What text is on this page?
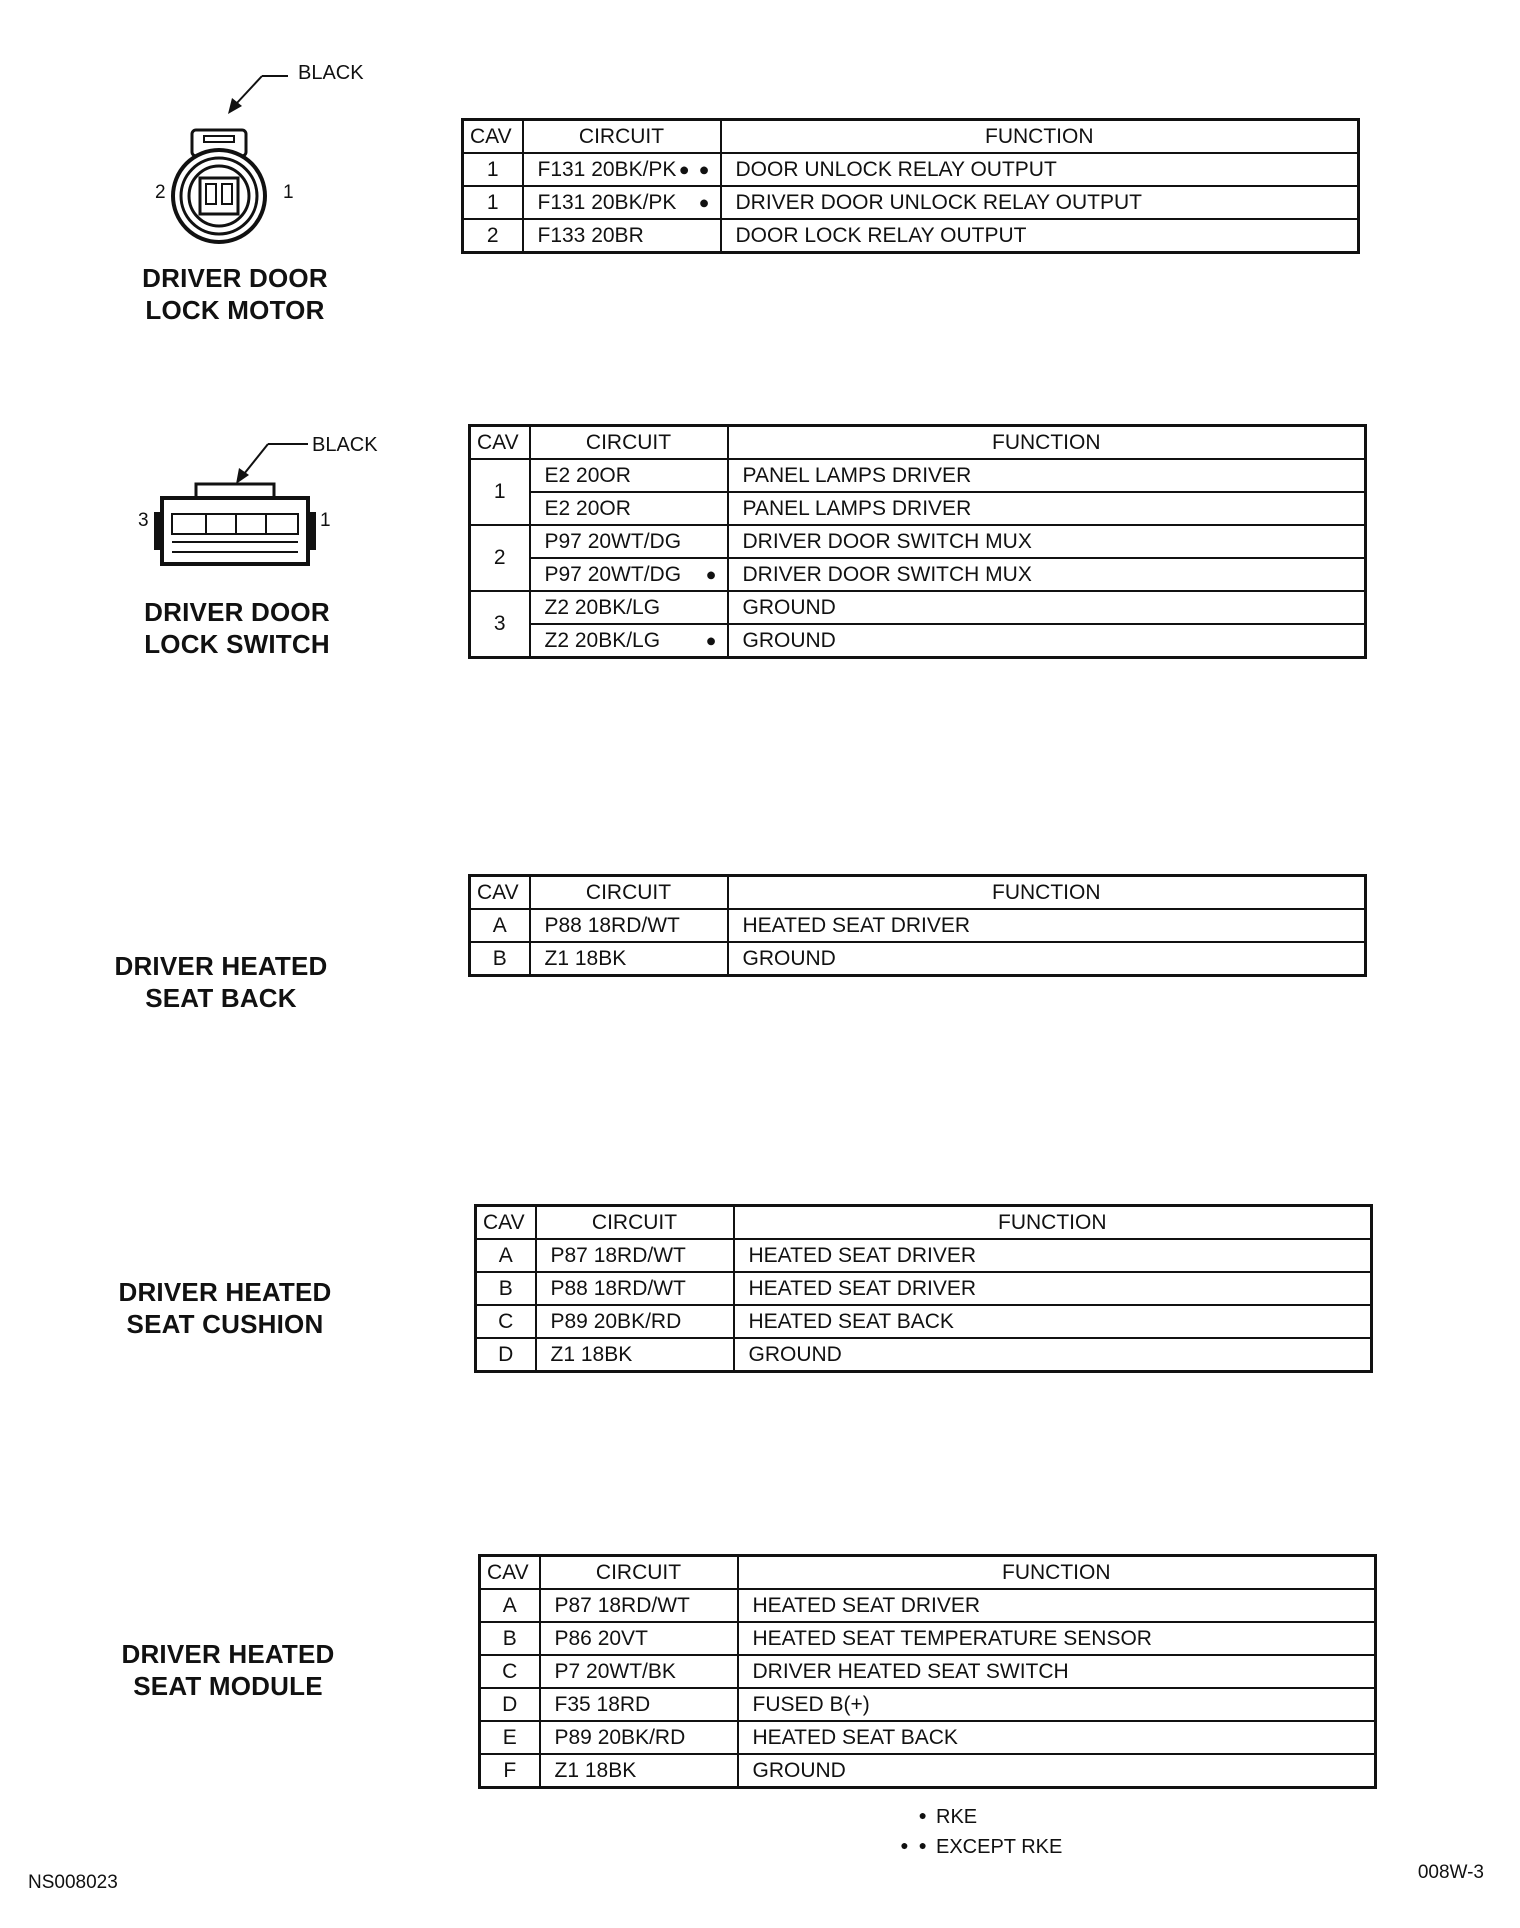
BLACK
2	1
DRIVER DOOR
LOCK MOTOR
CAV	CIRCUIT	FUNCTION
1	F131 20BK/PK ● ●	DOOR UNLOCK RELAY OUTPUT
1	F131 20BK/PK ●	DRIVER DOOR UNLOCK RELAY OUTPUT
2	F133 20BR	DOOR LOCK RELAY OUTPUT
BLACK
3	1
DRIVER DOOR
LOCK SWITCH
CAV	CIRCUIT	FUNCTION
1	E2 20OR	PANEL LAMPS DRIVER
	E2 20OR	PANEL LAMPS DRIVER
2	P97 20WT/DG	DRIVER DOOR SWITCH MUX
	P97 20WT/DG ●	DRIVER DOOR SWITCH MUX
3	Z2 20BK/LG	GROUND
	Z2 20BK/LG ●	GROUND
DRIVER HEATED
SEAT BACK
CAV	CIRCUIT	FUNCTION
A	P88 18RD/WT	HEATED SEAT DRIVER
B	Z1 18BK	GROUND
DRIVER HEATED
SEAT CUSHION
CAV	CIRCUIT	FUNCTION
A	P87 18RD/WT	HEATED SEAT DRIVER
B	P88 18RD/WT	HEATED SEAT DRIVER
C	P89 20BK/RD	HEATED SEAT BACK
D	Z1 18BK	GROUND
DRIVER HEATED
SEAT MODULE
CAV	CIRCUIT	FUNCTION
A	P87 18RD/WT	HEATED SEAT DRIVER
B	P86 20VT	HEATED SEAT TEMPERATURE SENSOR
C	P7 20WT/BK	DRIVER HEATED SEAT SWITCH
D	F35 18RD	FUSED B(+)
E	P89 20BK/RD	HEATED SEAT BACK
F	Z1 18BK	GROUND
● RKE
● ● EXCEPT RKE
NS008023	008W-3
